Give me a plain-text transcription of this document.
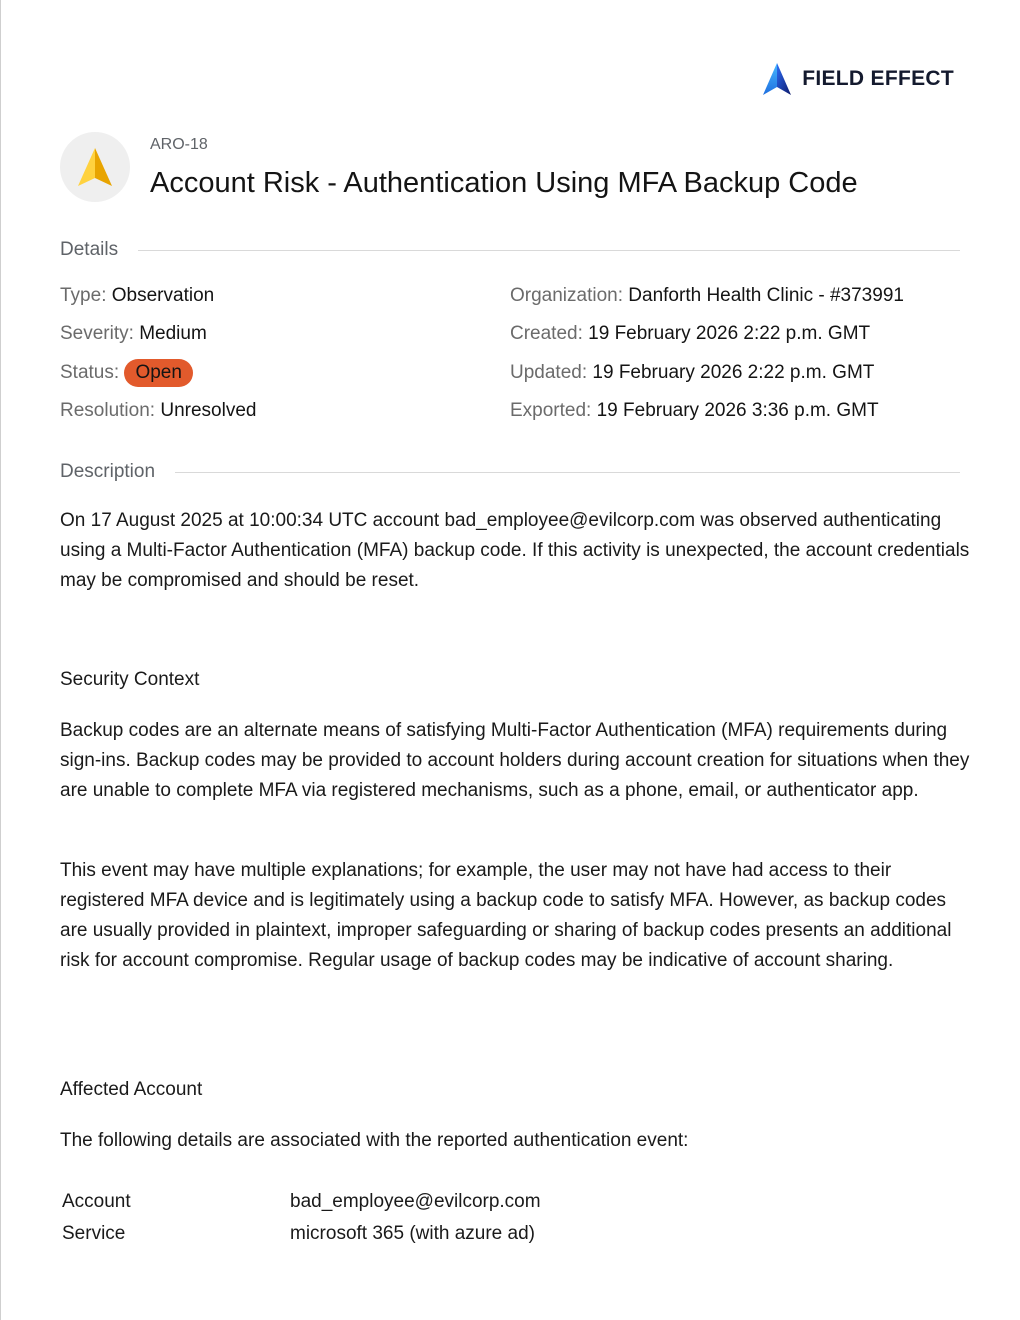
FIELD EFFECT
ARO-18
Account Risk - Authentication Using MFA Backup Code
Details
Type: Observation
Severity: Medium
Status: Open
Resolution: Unresolved
Organization: Danforth Health Clinic - #373991
Created: 19 February 2026 2:22 p.m. GMT
Updated: 19 February 2026 2:22 p.m. GMT
Exported: 19 February 2026 3:36 p.m. GMT
Description

On 17 August 2025 at 10:00:34 UTC account bad_employee@evilcorp.com was observed authenticating using a Multi-Factor Authentication (MFA) backup code. If this activity is unexpected, the account credentials may be compromised and should be reset.

Security Context

Backup codes are an alternate means of satisfying Multi-Factor Authentication (MFA) requirements during sign-ins. Backup codes may be provided to account holders during account creation for situations when they are unable to complete MFA via registered mechanisms, such as a phone, email, or authenticator app.

This event may have multiple explanations; for example, the user may not have had access to their registered MFA device and is legitimately using a backup code to satisfy MFA. However, as backup codes are usually provided in plaintext, improper safeguarding or sharing of backup codes presents an additional risk for account compromise. Regular usage of backup codes may be indicative of account sharing.

Affected Account

The following details are associated with the reported authentication event:

Account	bad_employee@evilcorp.com
Service	microsoft 365 (with azure ad)
